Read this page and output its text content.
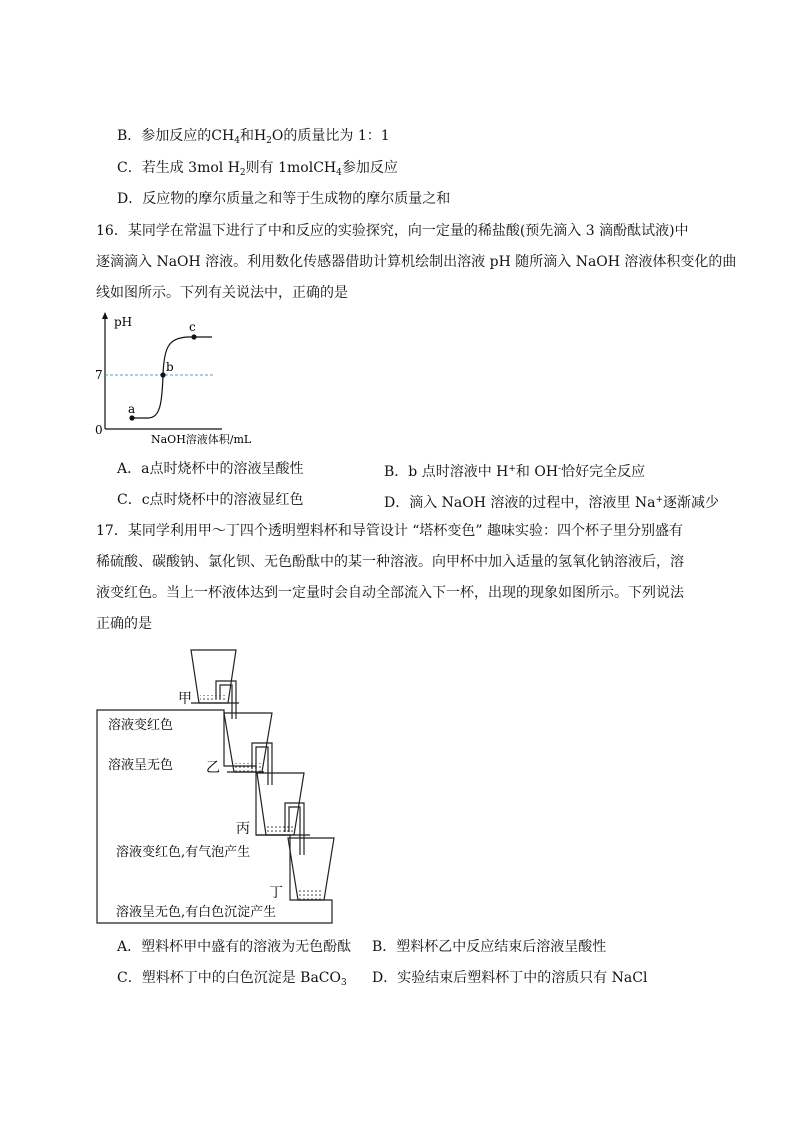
B．参加反应的$CH_4$和$H_2O$的质量比为 1：1
C．若生成 3mol $H_2$则有 1molCH$_4$参加反应
D．反应物的摩尔质量之和等于生成物的摩尔质量之和
16．某同学在常温下进行了中和反应的实验探究，向一定量的稀盐酸(预先滴入 3 滴酚酞试液)中
逐滴滴入 NaOH 溶液。利用数化传感器借助计算机绘制出溶液 pH 随所滴入 NaOH 溶液体积变化的曲
线如图所示。下列有关说法中，正确的是
pH
7
0
NaOH溶液体积/mL
a
b
c
A．a点时烧杯中的溶液呈酸性	B．b 点时溶液中 H+和 OH-恰好完全反应
C．c点时烧杯中的溶液显红色	D．滴入 NaOH 溶液的过程中，溶液里 Na+逐渐减少
17．某同学利用甲～丁四个透明塑料杯和导管设计 “塔杯变色” 趣味实验：四个杯子里分别盛有
稀硫酸、碳酸钠、氯化钡、无色酚酞中的某一种溶液。向甲杯中加入适量的氢氧化钠溶液后，溶
液变红色。当上一杯液体达到一定量时会自动全部流入下一杯，出现的现象如图所示。下列说法
正确的是
甲
乙
丙
丁
溶液变红色
溶液呈无色
溶液变红色,有气泡产生
溶液呈无色,有白色沉淀产生
A．塑料杯甲中盛有的溶液为无色酚酞 B．塑料杯乙中反应结束后溶液呈酸性
C．塑料杯丁中的白色沉淀是 BaCO$_3$ D．实验结束后塑料杯丁中的溶质只有 NaCl
